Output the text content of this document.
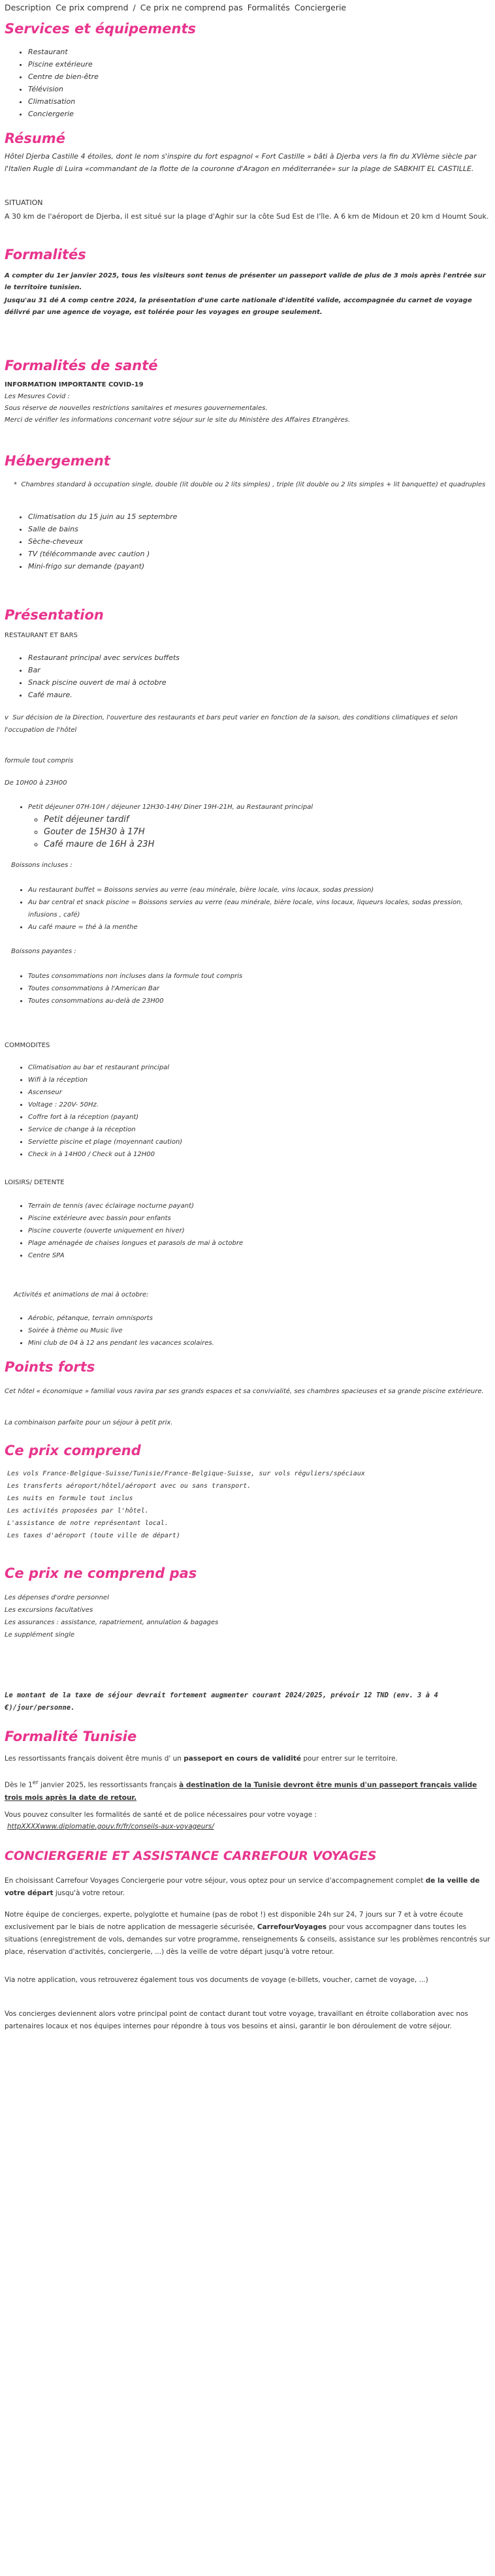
Description Ce prix comprend / Ce prix ne comprend pas Formalités Conciergerie
Services et équipements
• Restaurant
• Piscine extérieure
• Centre de bien-être
• Télévision
• Climatisation
• Conciergerie
Résumé

Hôtel Djerba Castille 4 étoiles, dont le nom s'inspire du fort espagnol « Fort Castille » bâti à Djerba vers la fin du XVIème siècle par l'Italien Rugle di Luira «commandant de la flotte de la couronne d'Aragon en méditerranée» sur la plage de SABKHIT EL CASTILLE.

SITUATION

A 30 km de l'aéroport de Djerba, il est situé sur la plage d'Aghir sur la côte Sud Est de l'île. A 6 km de Midoun et 20 km d Houmt Souk.

Formalités

A compter du 1er janvier 2025, tous les visiteurs sont tenus de présenter un passeport valide de plus de 3 mois après l'entrée sur le territoire tunisien.

Jusqu'au 31 dé A comp centre 2024, la présentation d'une carte nationale d'identité valide, accompagnée du carnet de voyage délivré par une agence de voyage, est tolérée pour les voyages en groupe seulement.

Formalités de santé

INFORMATION IMPORTANTE COVID-19

Les Mesures Covid :

Sous réserve de nouvelles restrictions sanitaires et mesures gouvernementales.

Merci de vérifier les informations concernant votre séjour sur le site du Ministère des Affaires Etrangères.

Hébergement

*  Chambres standard à occupation single, double (lit double ou 2 lits simples) , triple (lit double ou 2 lits simples + lit banquette) et quadruples

• Climatisation du 15 juin au 15 septembre
• Salle de bains
• Sèche-cheveux
• TV (télécommande avec caution )
• Mini-frigo sur demande (payant)
Présentation

RESTAURANT ET BARS

• Restaurant principal avec services buffets
• Bar
• Snack piscine ouvert de mai à octobre
• Café maure.

v  Sur décision de la Direction, l'ouverture des restaurants et bars peut varier en fonction de la saison, des conditions climatiques et selon l'occupation de l'hôtel

formule tout compris

De 10H00 à 23H00

• Petit déjeuner 07H-10H / déjeuner 12H30-14H/ Diner 19H-21H, au Restaurant principal
◦ Petit déjeuner tardif
◦ Gouter de 15H30 à 17H
◦ Café maure de 16H à 23H

Boissons incluses :

• Au restaurant buffet = Boissons servies au verre (eau minérale, bière locale, vins locaux, sodas pression)
• Au bar central et snack piscine = Boissons servies au verre (eau minérale, bière locale, vins locaux, liqueurs locales, sodas pression, infusions , café)
• Au café maure = thé à la menthe

Boissons payantes :

• Toutes consommations non incluses dans la formule tout compris
• Toutes consommations à l'American Bar
• Toutes consommations au-delà de 23H00

COMMODITES

• Climatisation au bar et restaurant principal
• Wifi à la réception
• Ascenseur
• Voltage : 220V- 50Hz.
• Coffre fort à la réception (payant)
• Service de change à la réception
• Serviette piscine et plage (moyennant caution)
• Check in à 14H00 / Check out à 12H00

LOISIRS/ DETENTE

• Terrain de tennis (avec éclairage nocturne payant)
• Piscine extérieure avec bassin pour enfants
• Piscine couverte (ouverte uniquement en hiver)
• Plage aménagée de chaises longues et parasols de mai à octobre
• Centre SPA

Activités et animations de mai à octobre:

• Aérobic, pétanque, terrain omnisports
• Soirée à thème ou Music live
• Mini club de 04 à 12 ans pendant les vacances scolaires.
Points forts

Cet hôtel « économique » familial vous ravira par ses grands espaces et sa convivialité, ses chambres spacieuses et sa grande piscine extérieure.

La combinaison parfaite pour un séjour à petit prix.

Ce prix comprend
Les vols France-Belgique-Suisse/Tunisie/France-Belgique-Suisse, sur vols réguliers/spéciaux
Les transferts aéroport/hôtel/aéroport avec ou sans transport.
Les nuits en formule tout inclus
Les activités proposées par l'hôtel.
L'assistance de notre représentant local.
Les taxes d'aéroport (toute ville de départ)
Ce prix ne comprend pas
Les dépenses d'ordre personnel
Les excursions facultatives
Les assurances : assistance, rapatriement, annulation & bagages
Le supplément single

Le montant de la taxe de séjour devrait fortement augmenter courant 2024/2025, prévoir 12 TND (env. 3 à 4 €)/jour/personne.

Formalité Tunisie

Les ressortissants français doivent être munis d' un passeport en cours de validité pour entrer sur le territoire.

Dès le 1er janvier 2025, les ressortissants français à destination de la Tunisie devront être munis d'un passeport français valide trois mois après la date de retour.

Vous pouvez consulter les formalités de santé et de police nécessaires pour votre voyage :

httpXXXXwww.diplomatie.gouv.fr/fr/conseils-aux-voyageurs/

CONCIERGERIE ET ASSISTANCE CARREFOUR VOYAGES

En choisissant Carrefour Voyages Conciergerie pour votre séjour, vous optez pour un service d'accompagnement complet de la veille de votre départ jusqu'à votre retour.

Notre équipe de concierges, experte, polyglotte et humaine (pas de robot !) est disponible 24h sur 24, 7 jours sur 7 et à votre écoute exclusivement par le biais de notre application de messagerie sécurisée, CarrefourVoyages pour vous accompagner dans toutes les situations (enregistrement de vols, demandes sur votre programme, renseignements & conseils, assistance sur les problèmes rencontrés sur place, réservation d'activités, conciergerie, ...) dès la veille de votre départ jusqu'à votre retour.

Via notre application, vous retrouverez également tous vos documents de voyage (e-billets, voucher, carnet de voyage, ...)

Vos concierges deviennent alors votre principal point de contact durant tout votre voyage, travaillant en étroite collaboration avec nos partenaires locaux et nos équipes internes pour répondre à tous vos besoins et ainsi, garantir le bon déroulement de votre séjour.
